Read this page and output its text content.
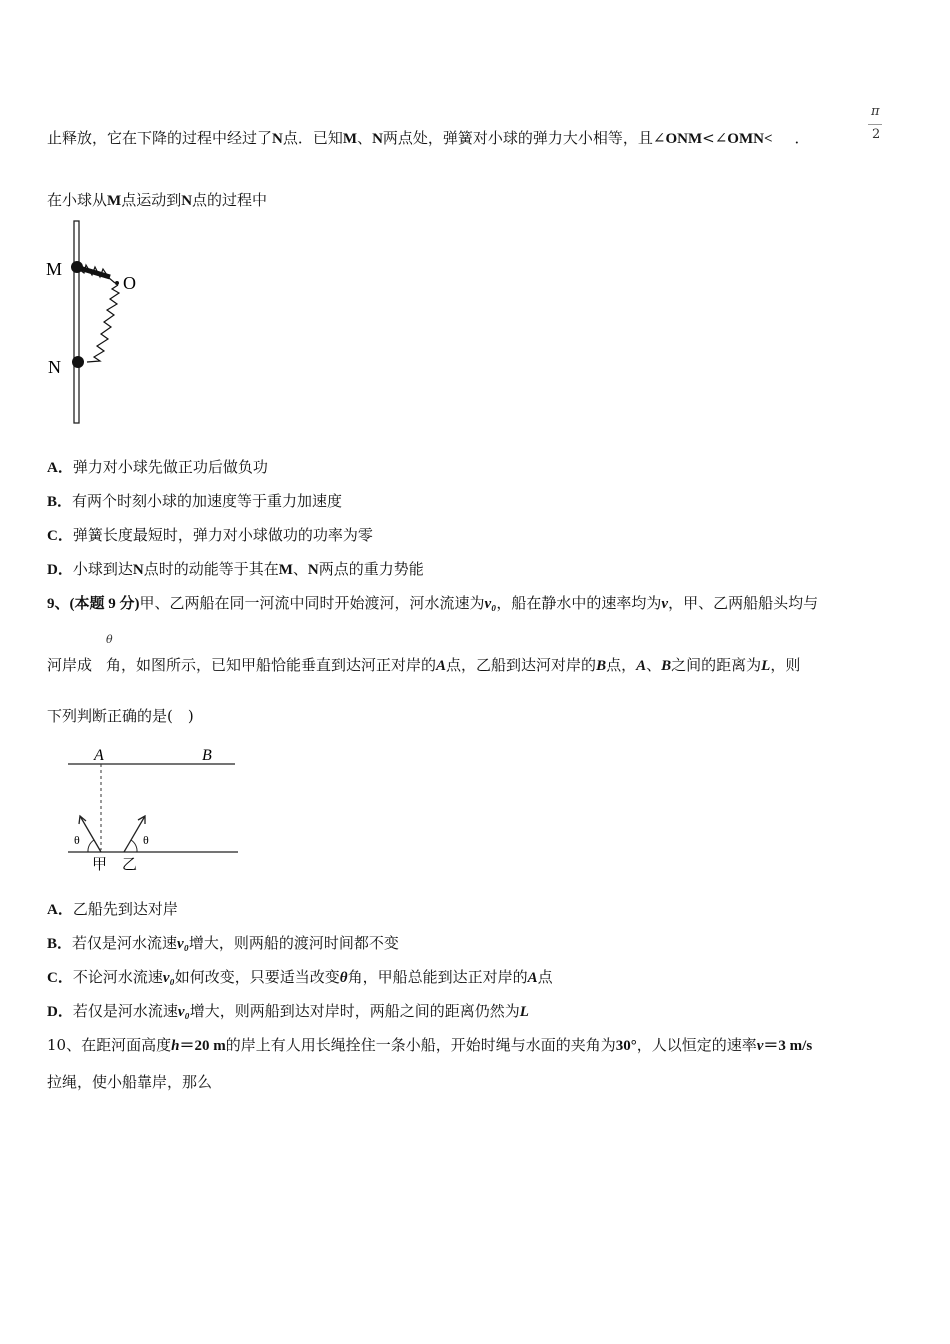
止释放，它在下降的过程中经过了N点．已知M、N两点处，弹簧对小球的弹力大小相等，且∠ONM<∠OMN< ．
π
2
在小球从M点运动到N点的过程中
M
N
O
A．弹力对小球先做正功后做负功
B．有两个时刻小球的加速度等于重力加速度
C．弹簧长度最短时，弹力对小球做功的功率为零
D．小球到达N点时的动能等于其在M、N两点的重力势能
9、(本题 9 分)甲、乙两船在同一河流中同时开始渡河，河水流速为v₀，船在静水中的速率均为v，甲、乙两船船头均与
θ
河岸成 角，如图所示，已知甲船恰能垂直到达河正对岸的A点，乙船到达河对岸的B点，A、B之间的距离为L，则
下列判断正确的是(　)
A	B
θ	θ
甲 乙
A．乙船先到达对岸
B．若仅是河水流速v₀增大，则两船的渡河时间都不变
C．不论河水流速v₀如何改变，只要适当改变θ角，甲船总能到达正对岸的A点
D．若仅是河水流速v₀增大，则两船到达对岸时，两船之间的距离仍然为L
10、在距河面高度h＝20 m的岸上有人用长绳拴住一条小船，开始时绳与水面的夹角为30°，人以恒定的速率v＝3 m/s
拉绳，使小船靠岸，那么
